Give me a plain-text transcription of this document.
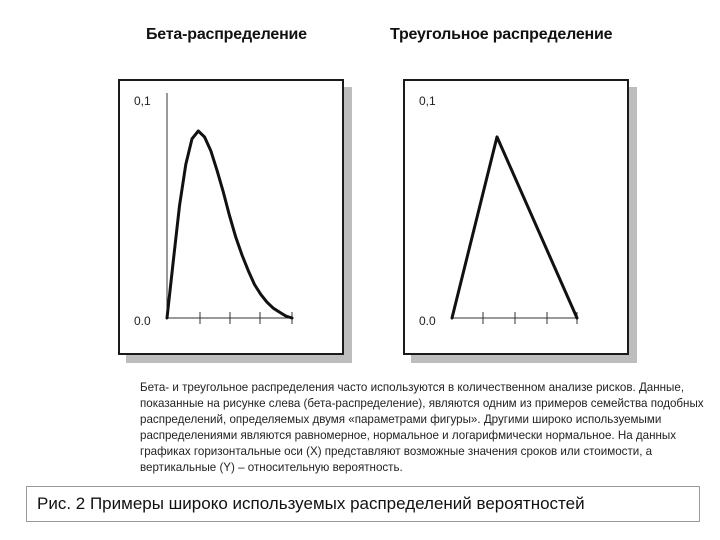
Бета-распределение	Треугольное распределение
0,1
0.0
0,1
0.0
Бета- и треугольное распределения часто используются в количественном анализе рисков. Данные, показанные на рисунке слева (бета-распределение), являются одним из примеров семейства подобных распределений, определяемых двумя «параметрами фигуры». Другими широко используемыми распределениями являются равномерное, нормальное и логарифмически нормальное. На данных графиках горизонтальные оси (X) представляют возможные значения сроков или стоимости, а вертикальные (Y) – относительную вероятность.
Рис. 2 Примеры широко используемых распределений вероятностей
